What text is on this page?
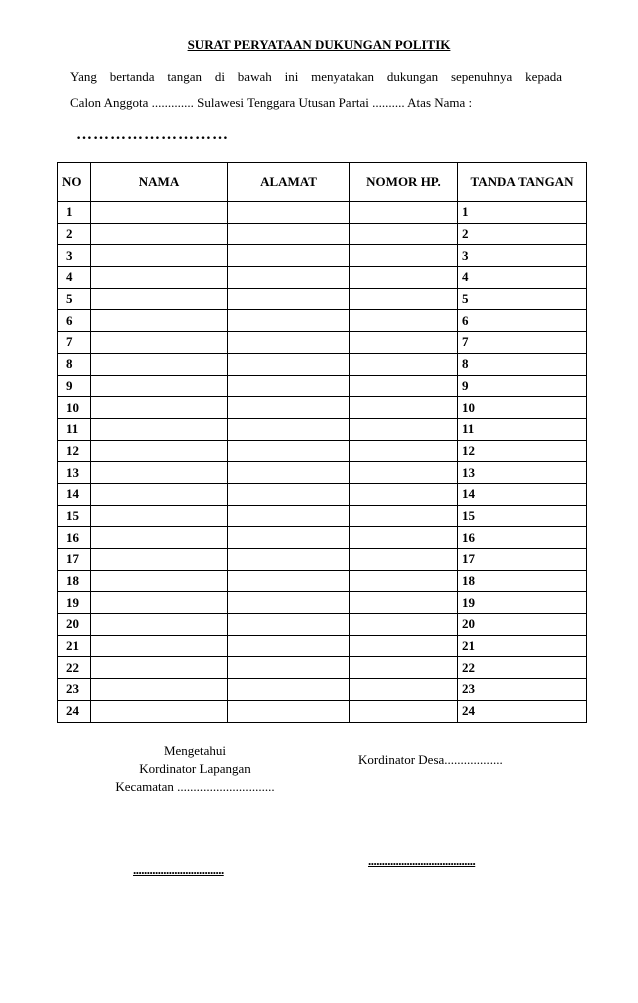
SURAT PERYATAAN DUKUNGAN POLITIK

Yang bertanda tangan di bawah ini menyatakan dukungan sepenuhnya kepada

Calon Anggota ............. Sulawesi Tenggara Utusan Partai .......... Atas Nama :

………………………
NO	NAMA	ALAMAT	NOMOR HP.	TANDA TANGAN
1				1
2				2
3				3
4				4
5				5
6				6
7				7
8				8
9				9
10				10
11				11
12				12
13				13
14				14
15				15
16				16
17				17
18				18
19				19
20				20
21				21
22				22
23				23
24				24
Mengetahui
Kordinator Lapangan
Kecamatan ..............................
Kordinator Desa..................
.................................
.......................................
